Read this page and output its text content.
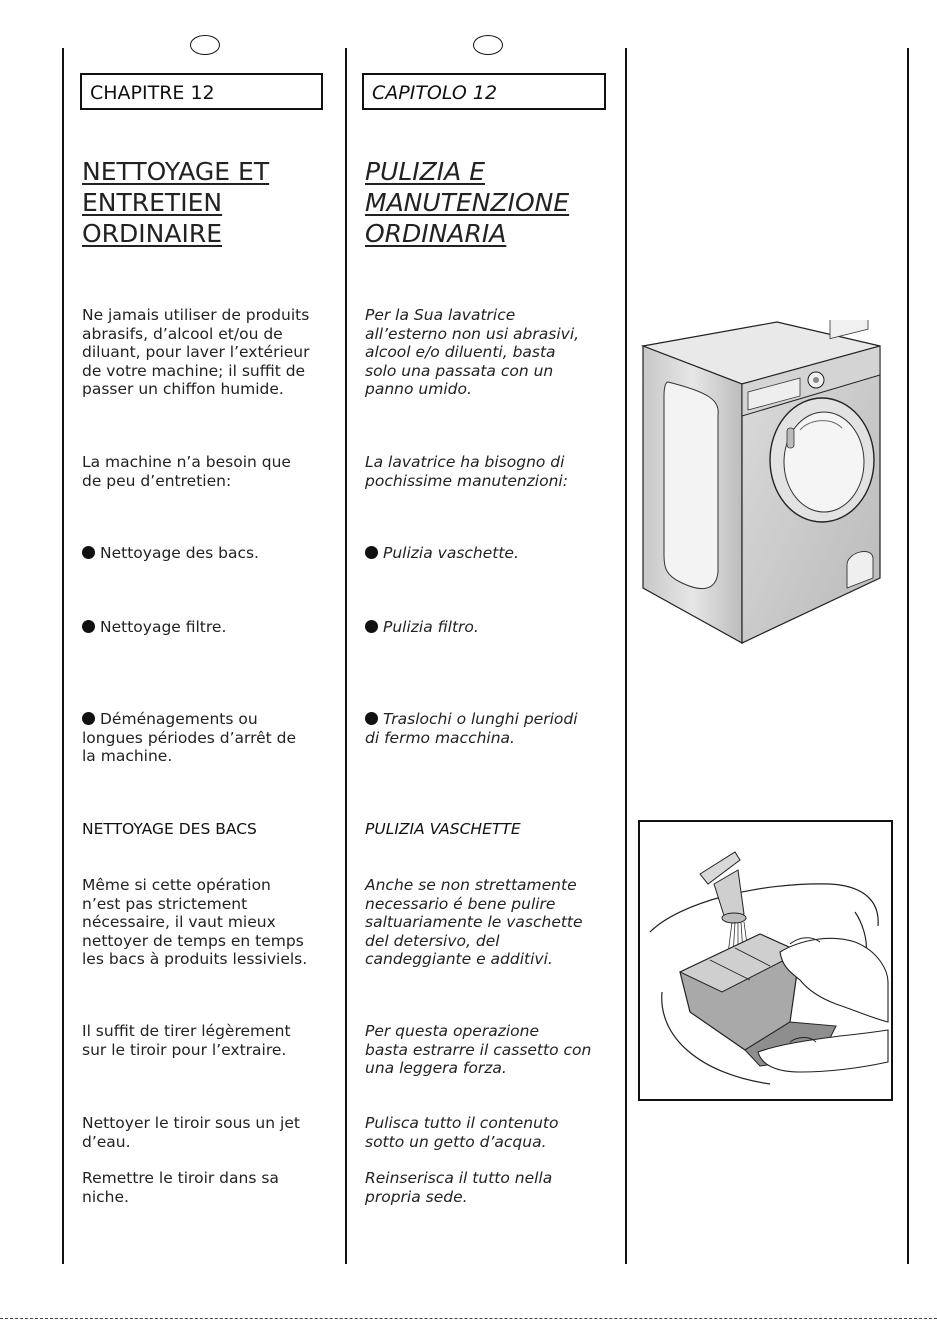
CHAPITRE 12	CAPITOLO 12
NETTOYAGE ET
ENTRETIEN
ORDINAIRE
PULIZIA E
MANUTENZIONE
ORDINARIA
Ne jamais utiliser de produits
abrasifs, d’alcool et/ou de
diluant, pour laver l’extérieur
de votre machine; il suffit de
passer un chiffon humide.
La machine n’a besoin que
de peu d’entretien:
Nettoyage des bacs.
Nettoyage filtre.
Déménagements ou
longues périodes d’arrêt de
la machine.
NETTOYAGE DES BACS
Même si cette opération
n’est pas strictement
nécessaire, il vaut mieux
nettoyer de temps en temps
les bacs à produits lessiviels.
Il suffit de tirer légèrement
sur le tiroir pour l’extraire.
Nettoyer le tiroir sous un jet
d’eau.
Remettre le tiroir dans sa
niche.
Per la Sua lavatrice
all’esterno non usi abrasivi,
alcool e/o diluenti, basta
solo una passata con un
panno umido.
La lavatrice ha bisogno di
pochissime manutenzioni:
Pulizia vaschette.
Pulizia filtro.
Traslochi o lunghi periodi
di fermo macchina.
PULIZIA VASCHETTE
Anche se non strettamente
necessario é bene pulire
saltuariamente le vaschette
del detersivo, del
candeggiante e additivi.
Per questa operazione
basta estrarre il cassetto con
una leggera forza.
Pulisca tutto il contenuto
sotto un getto d’acqua.
Reinserisca il tutto nella
propria sede.
